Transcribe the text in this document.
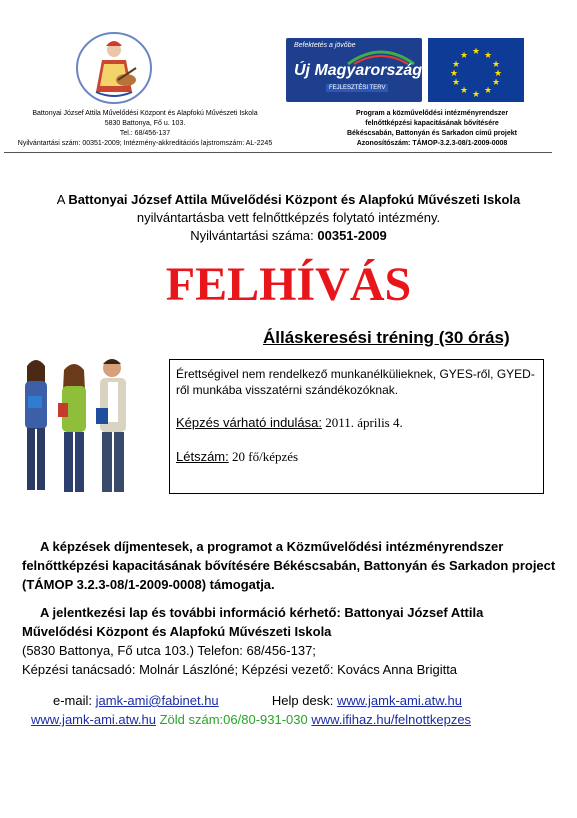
Befektetés a jövőbe
Új Magyarország
FEJLESZTÉSI TERV
★ ★
★
★
★
★
★
★
★
★
★
★
Battonyai József Attila Művelődési Központ és Alapfokú Művészeti Iskola
5830 Battonya, Fő u. 103.
Tel.: 68/456-137
Nyilvántartási szám: 00351-2009; Intézmény-akkreditációs lajstromszám: AL-2245
Program a közművelődési intézményrendszer
felnőttképzési kapacitásának bővítésére
Békéscsabán, Battonyán és Sarkadon című projekt
Azonosítószám: TÁMOP-3.2.3-08/1-2009-0008
A Battonyai József Attila Művelődési Központ és Alapfokú Művészeti Iskola
nyilvántartásba vett felnőttképzés folytató intézmény.
Nyilvántartási száma: 00351-2009
FELHÍVÁS
Álláskeresési tréning (30 órás)
Érettségivel nem rendelkező munkanélkülieknek, GYES-ről, GYED-ről munkába visszatérni szándékozóknak.
Képzés várható indulása: 2011. április 4.
Létszám: 20 fő/képzés
A képzések díjmentesek, a programot a Közművelődési intézményrendszer felnőttképzési kapacitásának bővítésére Békéscsabán, Battonyán és Sarkadon project (TÁMOP 3.2.3-08/1-2009-0008) támogatja.
A jelentkezési lap és további információ kérhető: Battonyai József Attila Művelődési Központ és Alapfokú Művészeti Iskola
(5830 Battonya, Fő utca 103.) Telefon: 68/456-137;
Képzési tanácsadó: Molnár Lászlóné; Képzési vezető: Kovács Anna Brigitta
e-mail: jamk-ami@fabinet.hu	Help desk: www.jamk-ami.atw.hu
www.jamk-ami.atw.hu Zöld szám:06/80-931-030 www.ifihaz.hu/felnottkepzes
